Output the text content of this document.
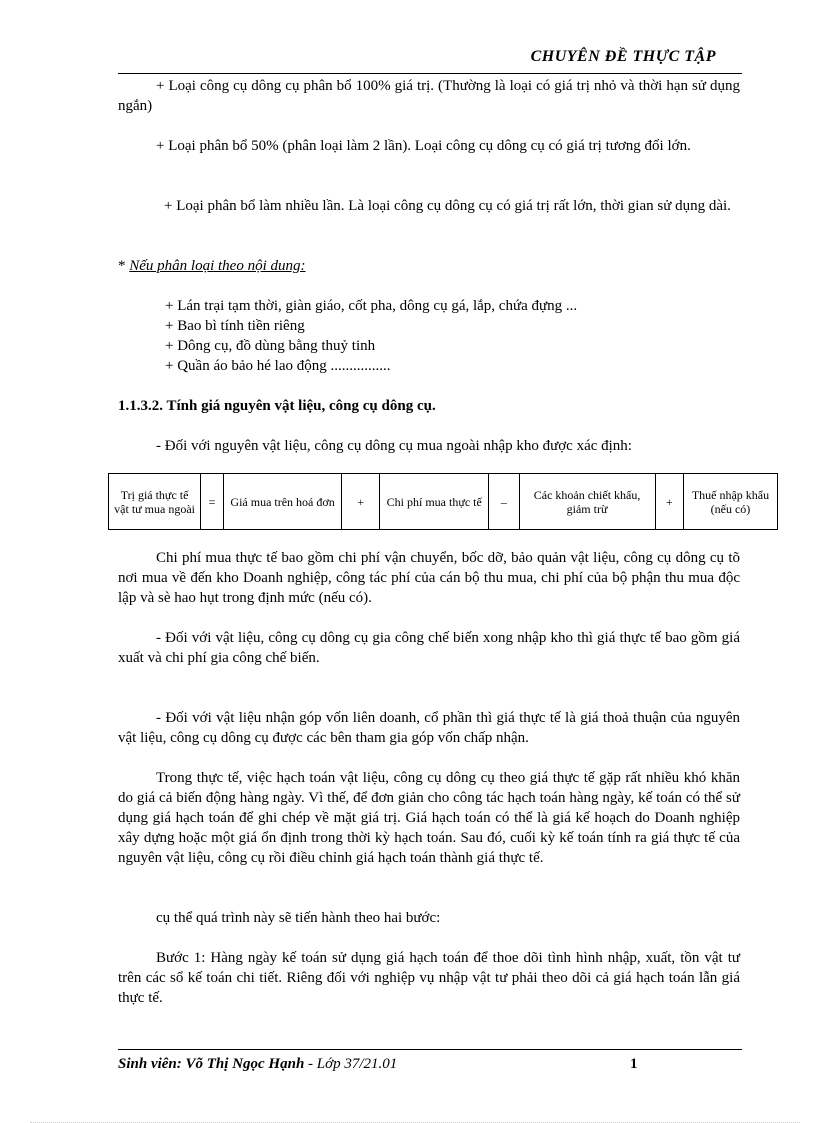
CHUYÊN ĐỀ THỰC TẬP

+ Loại công cụ dông cụ phân bổ 100% giá trị. (Thường là loại có giá trị nhỏ và thời hạn sử dụng ngắn)

+ Loại phân bổ 50% (phân loại làm 2 lần). Loại công cụ dông cụ có giá trị tương đối lớn.

+ Loại phân bổ làm nhiều lần. Là loại công cụ dông cụ có giá trị rất lớn, thời gian sử dụng dài.

* Nếu phân loại theo nội dung:

+ Lán trại tạm thời, giàn giáo, cốt pha, dông cụ gá, lắp, chứa đựng ...
+ Bao bì tính tiền riêng
+ Dông cụ, đồ dùng bằng thuỷ tinh
+ Quần áo bảo hé lao động ................

1.1.3.2. Tính giá nguyên vật liệu, công cụ dông cụ.

- Đối với nguyên vật liệu, công cụ dông cụ mua ngoài nhập kho được xác định:

Trị giá thực tế vật tư mua ngoài	=	Giá mua trên hoá đơn	+	Chi phí mua thực tế	–	Các khoản chiết khấu, giảm trừ	+	Thuế nhập khẩu (nếu có)

Chi phí mua thực tế bao gồm chi phí vận chuyển, bốc dỡ, bảo quản vật liệu, công cụ dông cụ tõ nơi mua về đến kho Doanh nghiệp, công tác phí của cán bộ thu mua, chi phí của bộ phận thu mua độc lập và sè hao hụt trong định mức (nếu có).

- Đối với vật liệu, công cụ dông cụ gia công chế biến xong nhập kho thì giá thực tế bao gồm giá xuất và chi phí gia công chế biến.

- Đối với vật liệu nhận góp vốn liên doanh, cổ phần thì giá thực tế là giá thoả thuận của nguyên vật liệu, công cụ dông cụ được các bên tham gia góp vốn chấp nhận.

Trong thực tế, việc hạch toán vật liệu, công cụ dông cụ theo giá thực tế gặp rất nhiều khó khăn do giá cả biến động hàng ngày. Vì thế, để đơn giản cho công tác hạch toán hàng ngày, kế toán có thể sử dụng giá hạch toán để ghi chép về mặt giá trị. Giá hạch toán có thể là giá kế hoạch do Doanh nghiệp xây dựng hoặc một giá ổn định trong thời kỳ hạch toán. Sau đó, cuối kỳ kế toán tính ra giá thực tế của nguyên vật liệu, công cụ rồi điều chỉnh giá hạch toán thành giá thực tế.

cụ thể quá trình này sẽ tiến hành theo hai bước:

Bước 1: Hàng ngày kế toán sử dụng giá hạch toán để thoe dõi tình hình nhập, xuất, tồn vật tư trên các sổ kế toán chi tiết. Riêng đối với nghiệp vụ nhập vật tư phải theo dõi cả giá hạch toán lẫn giá thực tế.

Sinh viên: Võ Thị Ngọc Hạnh - Lớp 37/21.01	1
